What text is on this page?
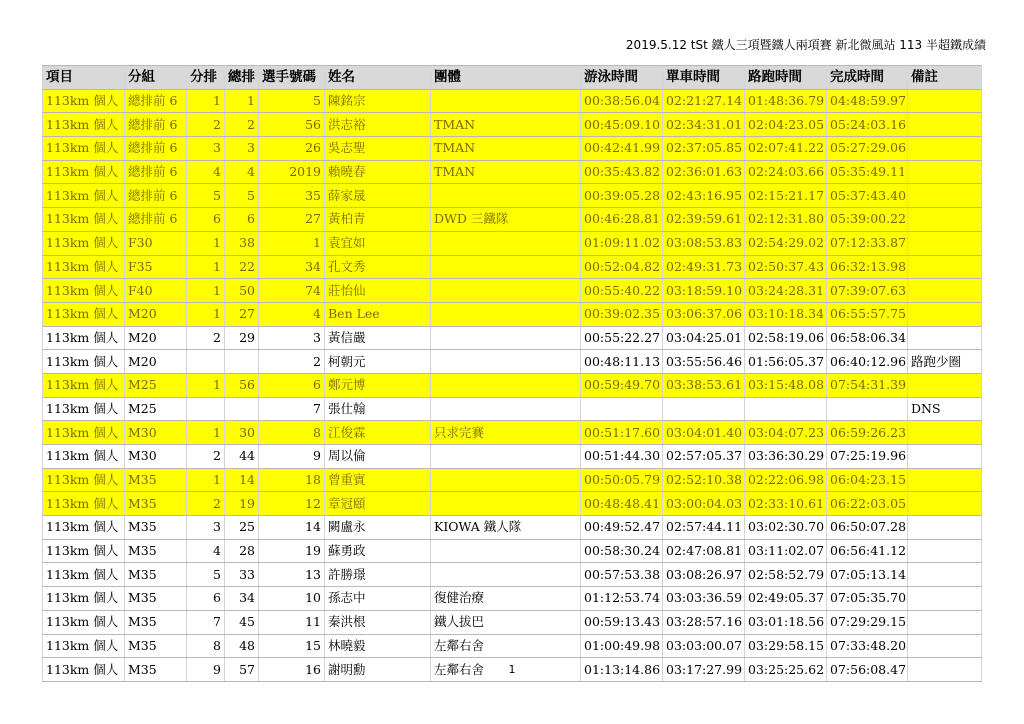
2019.5.12 tSt 鐵人三項暨鐵人兩項賽 新北微風站 113 半超鐵成績
項目	分組	分排	總排	選手號碼	姓名	團體	游泳時間	單車時間	路跑時間	完成時間	備註
113km 個人	總排前 6	1	1	5	陳銘宗		00:38:56.04	02:21:27.14	01:48:36.79	04:48:59.97	
113km 個人	總排前 6	2	2	56	洪志裕	TMAN	00:45:09.10	02:34:31.01	02:04:23.05	05:24:03.16	
113km 個人	總排前 6	3	3	26	吳志聖	TMAN	00:42:41.99	02:37:05.85	02:07:41.22	05:27:29.06	
113km 個人	總排前 6	4	4	2019	賴曉春	TMAN	00:35:43.82	02:36:01.63	02:24:03.66	05:35:49.11	
113km 個人	總排前 6	5	5	35	薛家晟		00:39:05.28	02:43:16.95	02:15:21.17	05:37:43.40	
113km 個人	總排前 6	6	6	27	黃柏青	DWD 三鐵隊	00:46:28.81	02:39:59.61	02:12:31.80	05:39:00.22	
113km 個人	F30	1	38	1	袁宜如		01:09:11.02	03:08:53.83	02:54:29.02	07:12:33.87	
113km 個人	F35	1	22	34	孔文秀		00:52:04.82	02:49:31.73	02:50:37.43	06:32:13.98	
113km 個人	F40	1	50	74	莊怡仙		00:55:40.22	03:18:59.10	03:24:28.31	07:39:07.63	
113km 個人	M20	1	27	4	Ben Lee		00:39:02.35	03:06:37.06	03:10:18.34	06:55:57.75	
113km 個人	M20	2	29	3	黃信嚴		00:55:22.27	03:04:25.01	02:58:19.06	06:58:06.34	
113km 個人	M20			2	柯朝元		00:48:11.13	03:55:56.46	01:56:05.37	06:40:12.96	路跑少圈
113km 個人	M25	1	56	6	鄭元博		00:59:49.70	03:38:53.61	03:15:48.08	07:54:31.39	
113km 個人	M25			7	張仕翰						DNS
113km 個人	M30	1	30	8	江俊霖	只求完賽	00:51:17.60	03:04:01.40	03:04:07.23	06:59:26.23	
113km 個人	M30	2	44	9	周以倫		00:51:44.30	02:57:05.37	03:36:30.29	07:25:19.96	
113km 個人	M35	1	14	18	曾重賓		00:50:05.79	02:52:10.38	02:22:06.98	06:04:23.15	
113km 個人	M35	2	19	12	章冠頤		00:48:48.41	03:00:04.03	02:33:10.61	06:22:03.05	
113km 個人	M35	3	25	14	闕盧永	KIOWA 鐵人隊	00:49:52.47	02:57:44.11	03:02:30.70	06:50:07.28	
113km 個人	M35	4	28	19	蘇勇政		00:58:30.24	02:47:08.81	03:11:02.07	06:56:41.12	
113km 個人	M35	5	33	13	許勝璟		00:57:53.38	03:08:26.97	02:58:52.79	07:05:13.14	
113km 個人	M35	6	34	10	孫志中	復健治療	01:12:53.74	03:03:36.59	02:49:05.37	07:05:35.70	
113km 個人	M35	7	45	11	秦洪根	鐵人拔巴	00:59:13.43	03:28:57.16	03:01:18.56	07:29:29.15	
113km 個人	M35	8	48	15	林曉毅	左鄰右舍	01:00:49.98	03:03:00.07	03:29:58.15	07:33:48.20	
113km 個人	M35	9	57	16	謝明勳	左鄰右舍	01:13:14.86	03:17:27.99	03:25:25.62	07:56:08.47	
1
